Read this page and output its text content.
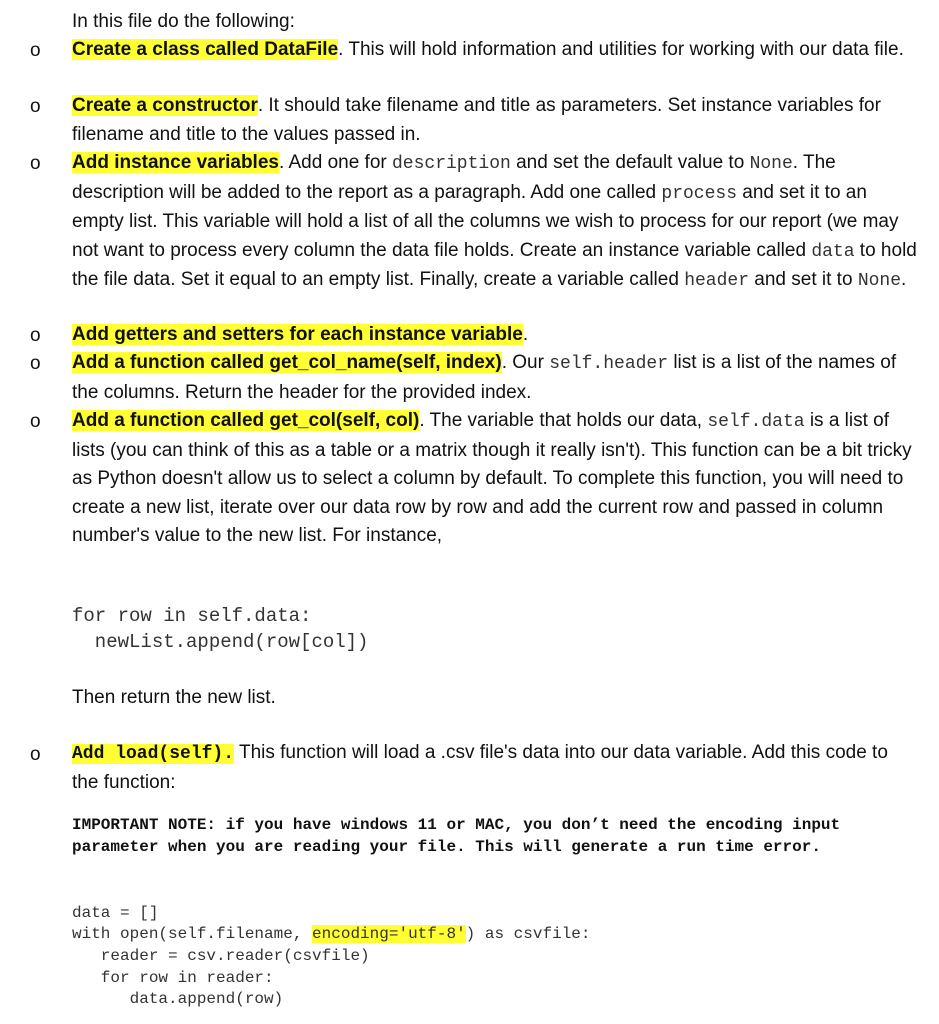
In this file do the following:
o Create a class called DataFile. This will hold information and utilities for working with our data file.
o Create a constructor. It should take filename and title as parameters. Set instance variables for filename and title to the values passed in.
o Add instance variables. Add one for description and set the default value to None. The description will be added to the report as a paragraph. Add one called process and set it to an empty list. This variable will hold a list of all the columns we wish to process for our report (we may not want to process every column the data file holds. Create an instance variable called data to hold the file data. Set it equal to an empty list. Finally, create a variable called header and set it to None.
o Add getters and setters for each instance variable.
o Add a function called get_col_name(self, index). Our self.header list is a list of the names of the columns. Return the header for the provided index.
o Add a function called get_col(self, col). The variable that holds our data, self.data is a list of lists (you can think of this as a table or a matrix though it really isn't). This function can be a bit tricky as Python doesn't allow us to select a column by default. To complete this function, you will need to create a new list, iterate over our data row by row and add the current row and passed in column number's value to the new list. For instance,
for row in self.data:
newList.append(row[col])
Then return the new list.
o Add load(self). This function will load a .csv file's data into our data variable. Add this code to the function:
IMPORTANT NOTE: if you have windows 11 or MAC, you don’t need the encoding input parameter when you are reading your file. This will generate a run time error.
data = []
with open(self.filename, encoding='utf-8') as csvfile:
reader = csv.reader(csvfile)
for row in reader:
data.append(row)
